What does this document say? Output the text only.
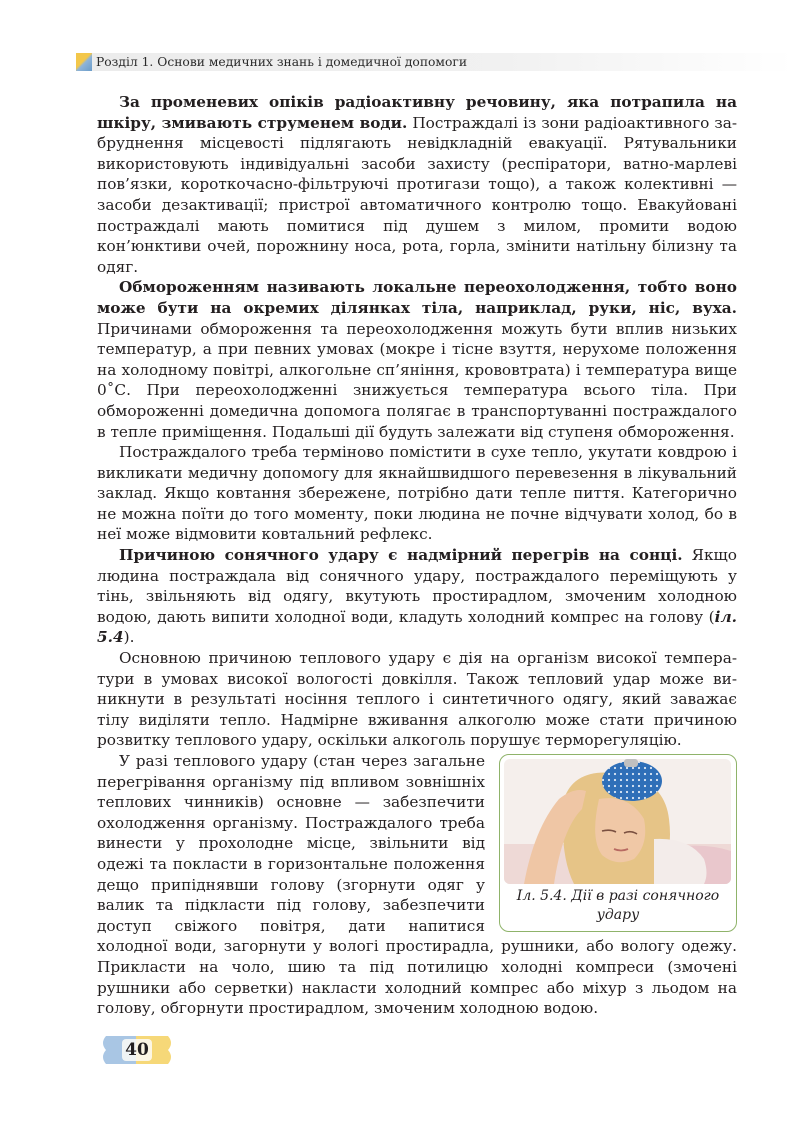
Розділ 1. Основи медичних знань і домедичної допомоги

За променевих опіків радіоактивну речовину, яка потрапила на шкіру, змивають струменем води. Постраждалі із зони радіоактивного забруднення місцевості підлягають невідкладній евакуації. Рятувальники використовують індивідуальні засоби захисту (респіратори, ватно-марлеві пов’язки, короткочасно-фільтруючі протигази тощо), а також колективні — засоби дезактивації; пристрої автоматичного контролю тощо. Евакуйовані постраждалі мають помитися під душем з милом, промити водою кон’юнктиви очей, порожнину носа, рота, горла, змінити натільну білизну та одяг.

Обмороженням називають локальне переохолодження, тобто воно може бути на окремих ділянках тіла, наприклад, руки, ніс, вуха. Причинами обмороження та переохолодження можуть бути вплив низьких температур, а при певних умовах (мокре і тісне взуття, нерухоме положення на холодному повітрі, алкогольне сп’яніння, крововтрата) і температура вище 0˚С. При переохолодженні знижується температура всього тіла. При обмороженні домедична допомога полягає в транспортуванні постраждалого в тепле приміщення. Подальші дії будуть залежати від ступеня обмороження.

Постраждалого треба терміново помістити в сухе тепло, укутати ковдрою і викликати медичну допомогу для якнайшвидшого перевезення в лікувальний заклад. Якщо ковтання збережене, потрібно дати тепле пиття. Категорично не можна поїти до того моменту, поки людина не почне відчувати холод, бо в неї може відмовити ковтальний рефлекс.

Причиною сонячного удару є надмірний перегрів на сонці. Якщо людина постраждала від сонячного удару, постраждалого переміщують у тінь, звільняють від одягу, вкутують простирадлом, змоченим холодною водою, дають випити холодної води, кладуть холодний компрес на голову (іл. 5.4).

Основною причиною теплового удару є дія на організм високої температури в умовах високої вологості довкілля. Також тепловий удар може виникнути в результаті носіння теплого і синтетичного одягу, який заважає тілу виділяти тепло. Надмірне вживання алкоголю може стати причиною розвитку теплового удару, оскільки алкоголь порушує терморегуляцію.

Іл. 5.4. Дії в разі сонячного удару

У разі теплового удару (стан через загальне перегрівання організму під впливом зовнішніх теплових чинників) основне — забезпечити охолодження організму. Постраждалого треба винести у прохолодне місце, звільнити від одежі та покласти в горизонтальне положення дещо припіднявши голову (згорнути одяг у валик та підкласти під голову, забезпечити доступ свіжого повітря, дати напитися холодної води, загорнути у вологі простирадла, рушники, або вологу одежу. Прикласти на чоло, шию та під потилицю холодні компреси (змочені рушники або серветки) накласти холодний компрес або міхур з льодом на голову, обгорнути простирадлом, змоченим холодною водою.

40
